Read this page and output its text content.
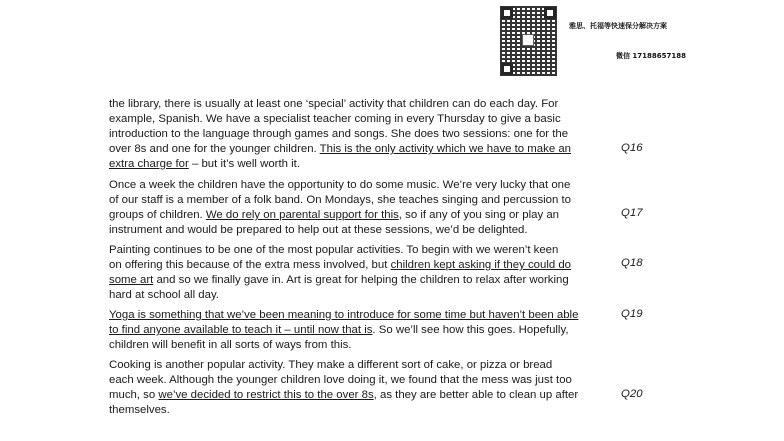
雅思、托福等快速保分解决方案
微信 17188657188
the library, there is usually at least one ‘special’ activity that children can do each day. For
example, Spanish. We have a specialist teacher coming in every Thursday to give a basic
introduction to the language through games and songs. She does two sessions: one for the
over 8s and one for the younger children. This is the only activity which we have to make an
extra charge for – but it’s well worth it.
Once a week the children have the opportunity to do some music. We’re very lucky that one
of our staff is a member of a folk band. On Mondays, she teaches singing and percussion to
groups of children. We do rely on parental support for this, so if any of you sing or play an
instrument and would be prepared to help out at these sessions, we’d be delighted.
Painting continues to be one of the most popular activities. To begin with we weren’t keen
on offering this because of the extra mess involved, but children kept asking if they could do
some art and so we finally gave in. Art is great for helping the children to relax after working
hard at school all day.
Yoga is something that we’ve been meaning to introduce for some time but haven’t been able
to find anyone available to teach it – until now that is. So we’ll see how this goes. Hopefully,
children will benefit in all sorts of ways from this.
Cooking is another popular activity. They make a different sort of cake, or pizza or bread
each week. Although the younger children love doing it, we found that the mess was just too
much, so we’ve decided to restrict this to the over 8s, as they are better able to clean up after
themselves.
Q16
Q17
Q18
Q19
Q20
